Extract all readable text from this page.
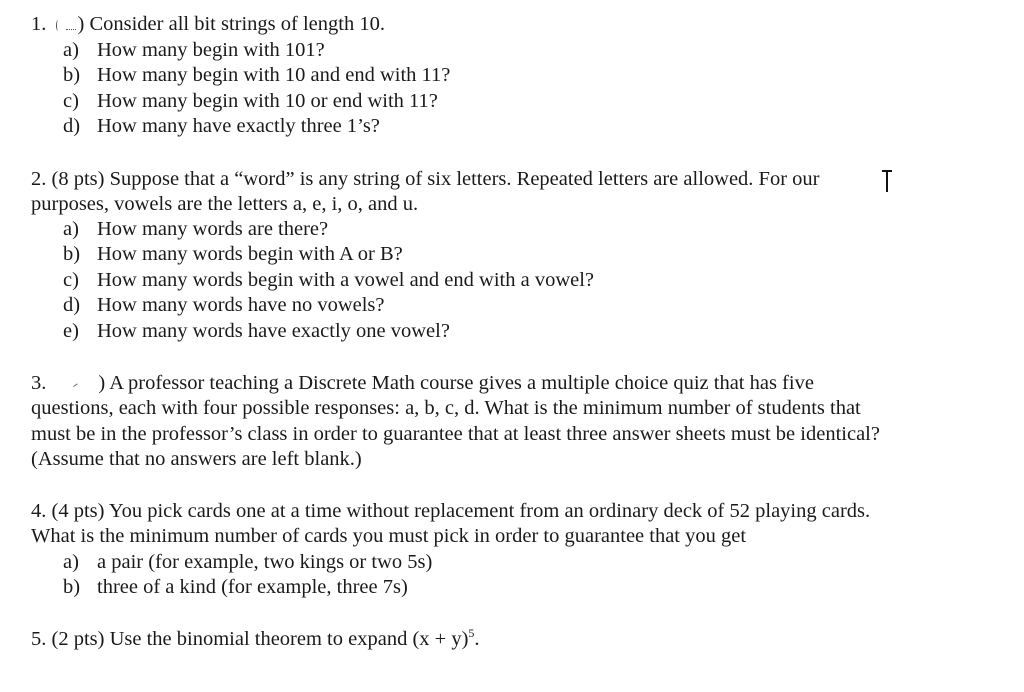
1. ) Consider all bit strings of length 10.
a) How many begin with 101?
b) How many begin with 10 and end with 11?
c) How many begin with 10 or end with 11?
d) How many have exactly three 1’s?
2. (8 pts) Suppose that a “word” is any string of six letters. Repeated letters are allowed. For our
purposes, vowels are the letters a, e, i, o, and u.
a) How many words are there?
b) How many words begin with A or B?
c) How many words begin with a vowel and end with a vowel?
d) How many words have no vowels?
e) How many words have exactly one vowel?
3.	) A professor teaching a Discrete Math course gives a multiple choice quiz that has five
questions, each with four possible responses: a, b, c, d. What is the minimum number of students that
must be in the professor’s class in order to guarantee that at least three answer sheets must be identical?
(Assume that no answers are left blank.)
4. (4 pts) You pick cards one at a time without replacement from an ordinary deck of 52 playing cards.
What is the minimum number of cards you must pick in order to guarantee that you get
a) a pair (for example, two kings or two 5s)
b) three of a kind (for example, three 7s)
5. (2 pts) Use the binomial theorem to expand $(x + y)^5$.
